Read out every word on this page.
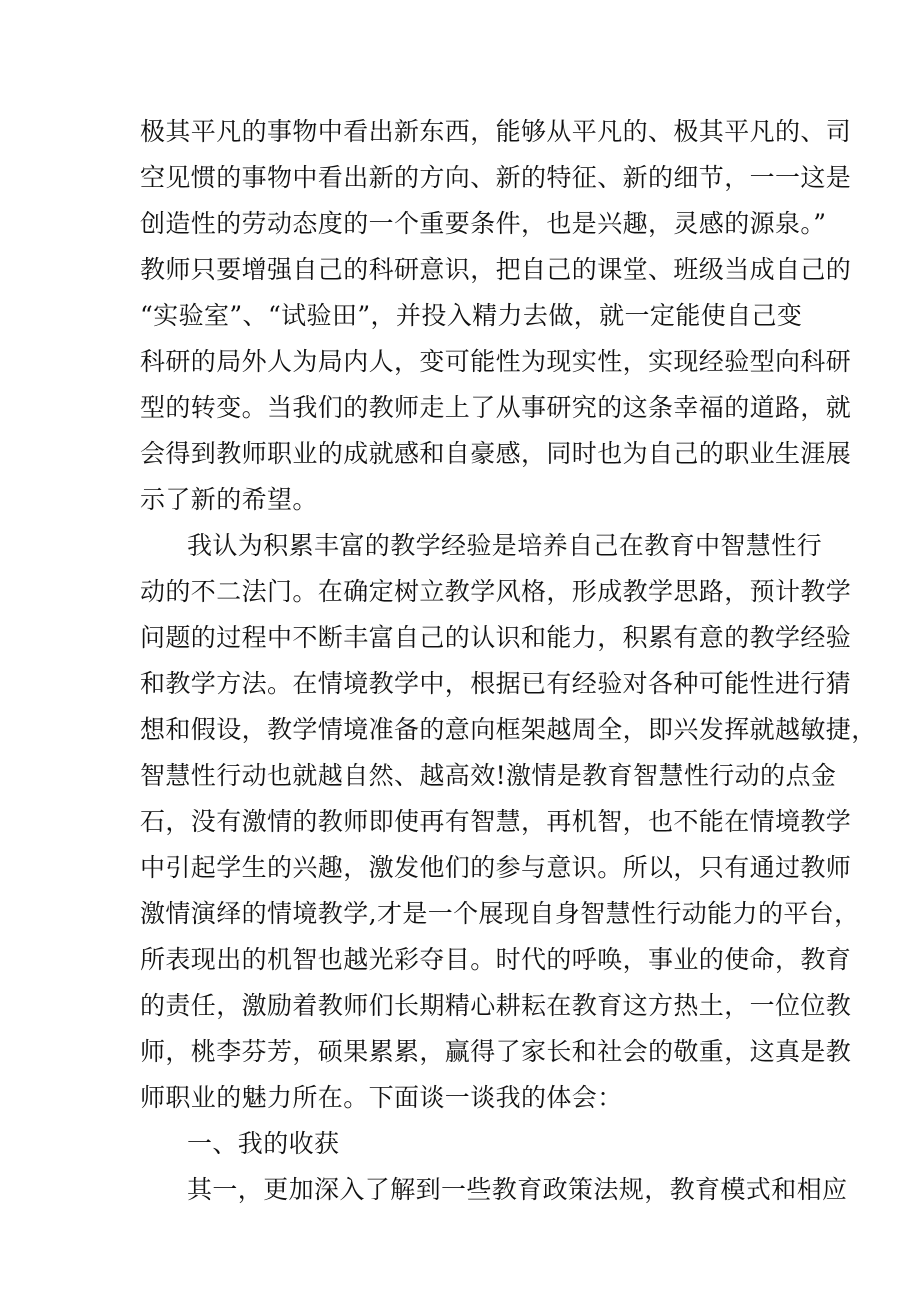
极其平凡的事物中看出新东西，能够从平凡的、极其平凡的、司
空见惯的事物中看出新的方向、新的特征、新的细节，一一这是
创造性的劳动态度的一个重要条件，也是兴趣，灵感的源泉。”
教师只要增强自己的科研意识，把自己的课堂、班级当成自己的
“实验室”、“试验田”，并投入精力去做，就一定能使自己变
科研的局外人为局内人，变可能性为现实性，实现经验型向科研
型的转变。当我们的教师走上了从事研究的这条幸福的道路，就
会得到教师职业的成就感和自豪感，同时也为自己的职业生涯展
示了新的希望。
我认为积累丰富的教学经验是培养自己在教育中智慧性行
动的不二法门。在确定树立教学风格，形成教学思路，预计教学
问题的过程中不断丰富自己的认识和能力，积累有意的教学经验
和教学方法。在情境教学中，根据已有经验对各种可能性进行猜
想和假设，教学情境准备的意向框架越周全，即兴发挥就越敏捷，
智慧性行动也就越自然、越高效!激情是教育智慧性行动的点金
石，没有激情的教师即使再有智慧，再机智，也不能在情境教学
中引起学生的兴趣，激发他们的参与意识。所以，只有通过教师
激情演绎的情境教学,才是一个展现自身智慧性行动能力的平台，
所表现出的机智也越光彩夺目。时代的呼唤，事业的使命，教育
的责任，激励着教师们长期精心耕耘在教育这方热土，一位位教
师，桃李芬芳，硕果累累，赢得了家长和社会的敬重，这真是教
师职业的魅力所在。下面谈一谈我的体会：
一、我的收获
其一，更加深入了解到一些教育政策法规，教育模式和相应
